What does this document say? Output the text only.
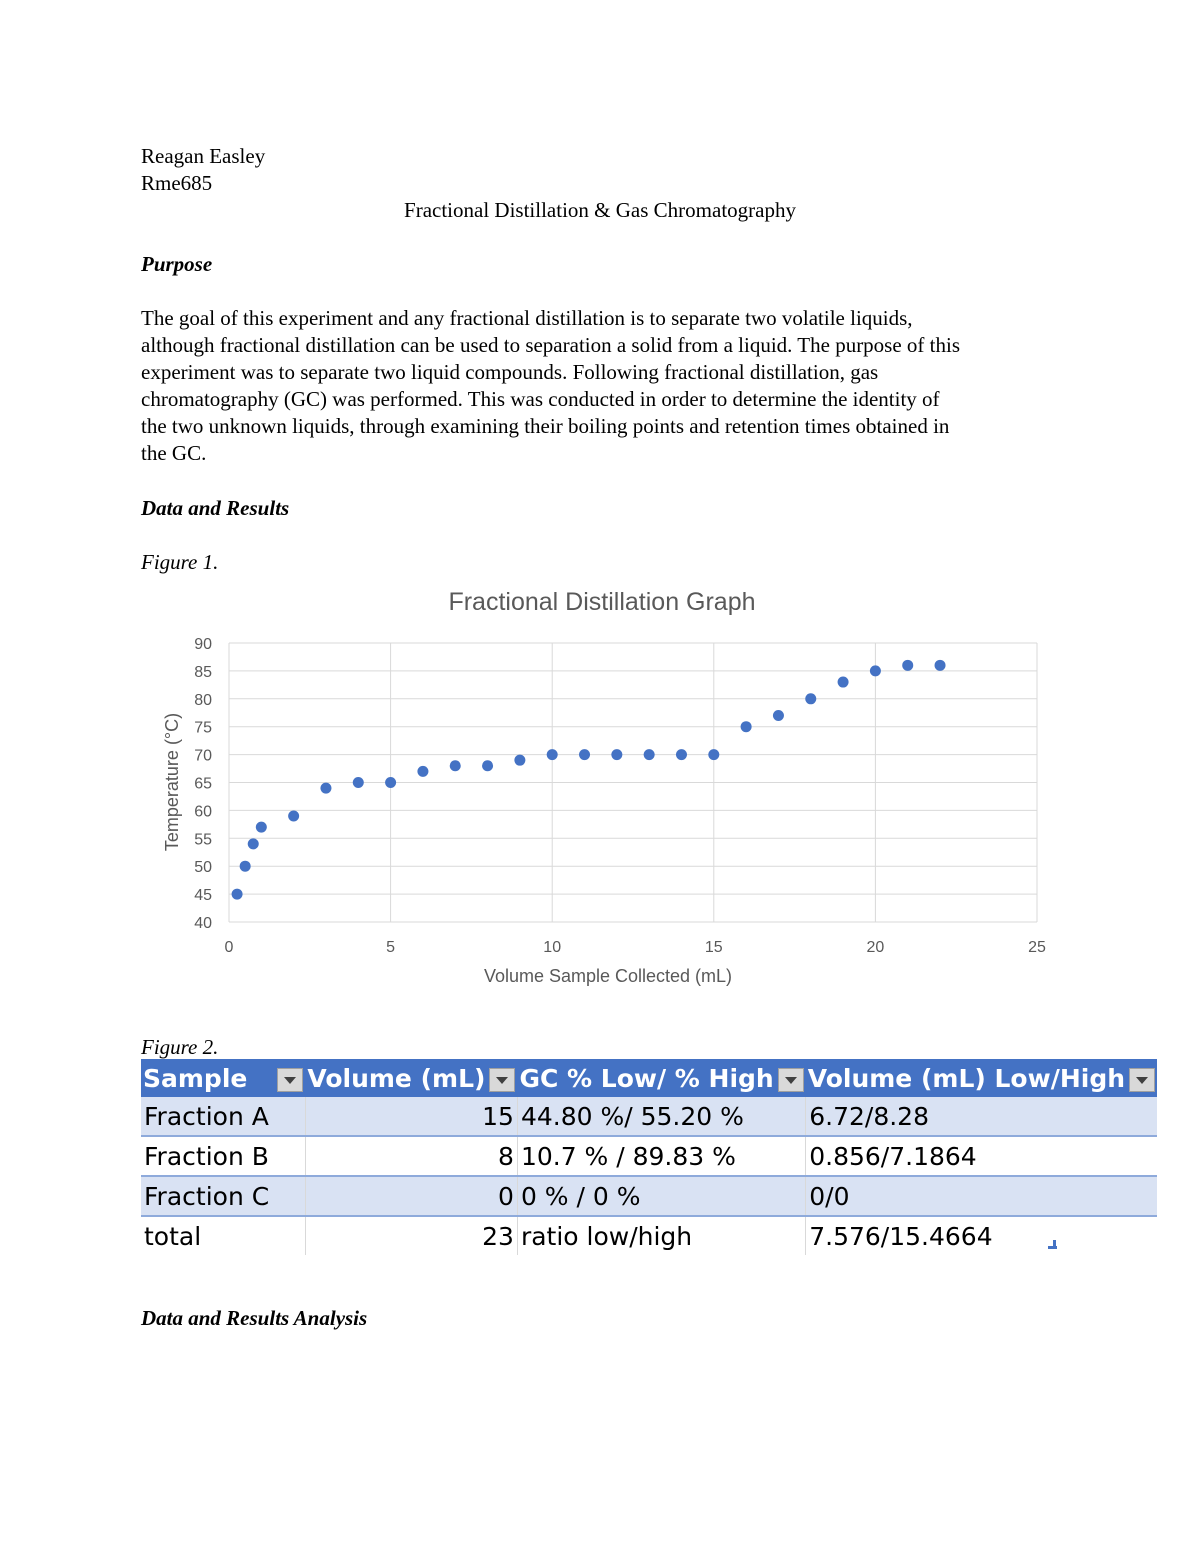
Reagan Easley
Rme685
Fractional Distillation & Gas Chromatography
Purpose
The goal of this experiment and any fractional distillation is to separate two volatile liquids,
although fractional distillation can be used to separation a solid from a liquid. The purpose of this
experiment was to separate two liquid compounds. Following fractional distillation, gas
chromatography (GC) was performed. This was conducted in order to determine the identity of
the two unknown liquids, through examining their boiling points and retention times obtained in
the GC.
Data and Results
Figure 1.
Fractional Distillation Graph
40
45
50
55
60
65
70
75
80
85
90
0	5	10	15	20	25
Volume Sample Collected (mL)
Temperature (°C)
Figure 2.
Sample	Volume (mL)	GC % Low/ % High	Volume (mL) Low/High
Fraction A	15	44.80 %/ 55.20 %	6.72/8.28
Fraction B	8	10.7 % / 89.83 %	0.856/7.1864
Fraction C	0	0 % / 0 %	0/0
total	23	ratio low/high	7.576/15.4664
Data and Results Analysis
